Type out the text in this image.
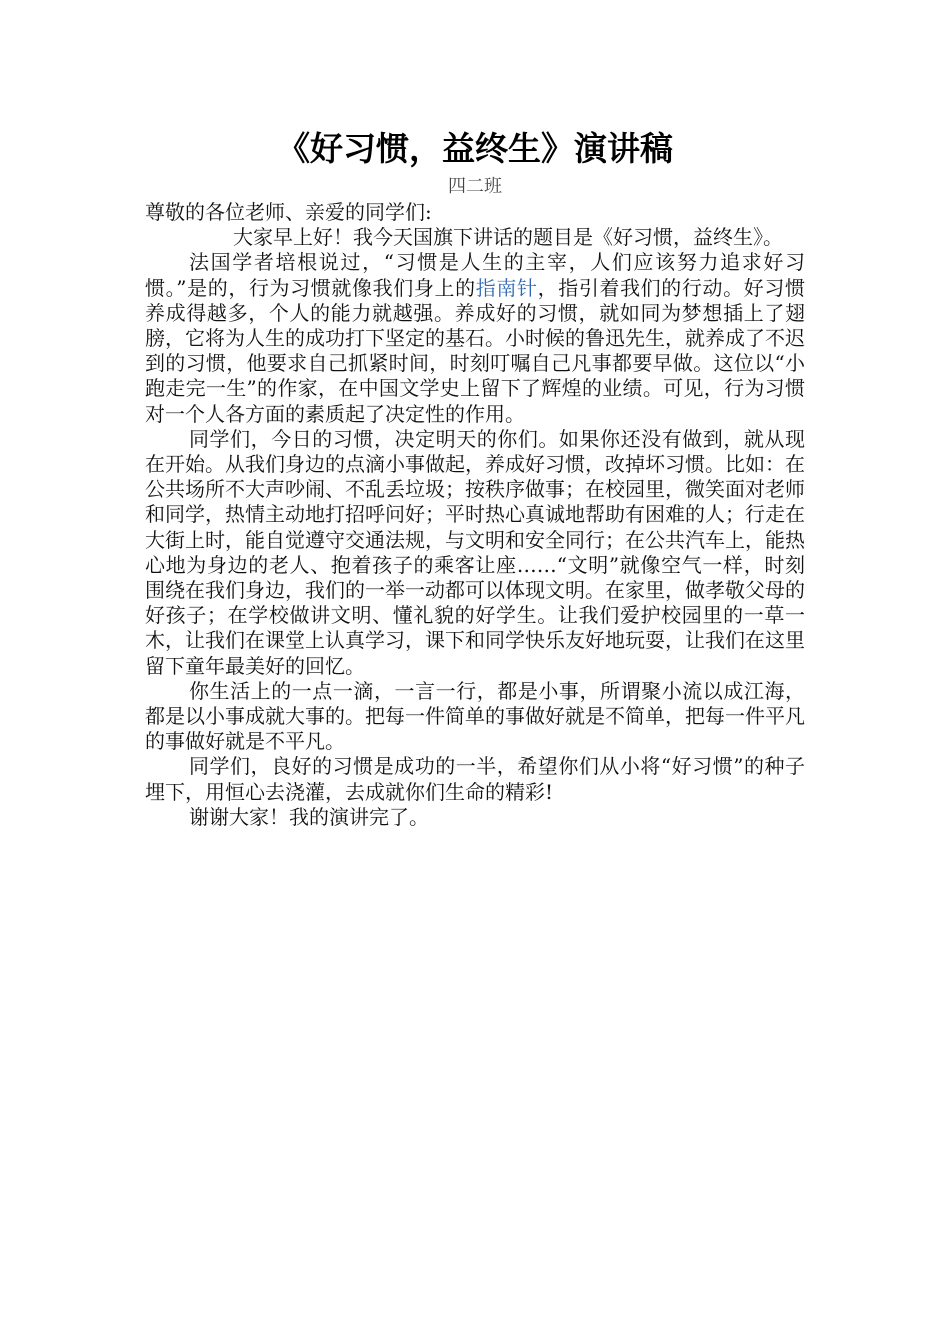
《好习惯，益终生》演讲稿
四二班

尊敬的各位老师、亲爱的同学们:

大家早上好！我今天国旗下讲话的题目是《好习惯，益终生》。

法国学者培根说过，“习惯是人生的主宰，人们应该努力追求好习惯。”是的，行为习惯就像我们身上的指南针，指引着我们的行动。好习惯养成得越多，个人的能力就越强。养成好的习惯，就如同为梦想插上了翅膀，它将为人生的成功打下坚定的基石。小时候的鲁迅先生，就养成了不迟到的习惯，他要求自己抓紧时间，时刻叮嘱自己凡事都要早做。这位以“小跑走完一生”的作家，在中国文学史上留下了辉煌的业绩。可见，行为习惯对一个人各方面的素质起了决定性的作用。

同学们，今日的习惯，决定明天的你们。如果你还没有做到，就从现在开始。从我们身边的点滴小事做起，养成好习惯，改掉坏习惯。比如：在公共场所不大声吵闹、不乱丢垃圾；按秩序做事；在校园里，微笑面对老师和同学，热情主动地打招呼问好；平时热心真诚地帮助有困难的人；行走在大街上时，能自觉遵守交通法规，与文明和安全同行；在公共汽车上，能热心地为身边的老人、抱着孩子的乘客让座……“文明”就像空气一样，时刻围绕在我们身边，我们的一举一动都可以体现文明。在家里，做孝敬父母的好孩子；在学校做讲文明、懂礼貌的好学生。让我们爱护校园里的一草一木，让我们在课堂上认真学习，课下和同学快乐友好地玩耍，让我们在这里留下童年最美好的回忆。

你生活上的一点一滴，一言一行，都是小事，所谓聚小流以成江海，都是以小事成就大事的。把每一件简单的事做好就是不简单，把每一件平凡的事做好就是不平凡。

同学们，良好的习惯是成功的一半，希望你们从小将“好习惯”的种子埋下，用恒心去浇灌，去成就你们生命的精彩!

谢谢大家！我的演讲完了。
